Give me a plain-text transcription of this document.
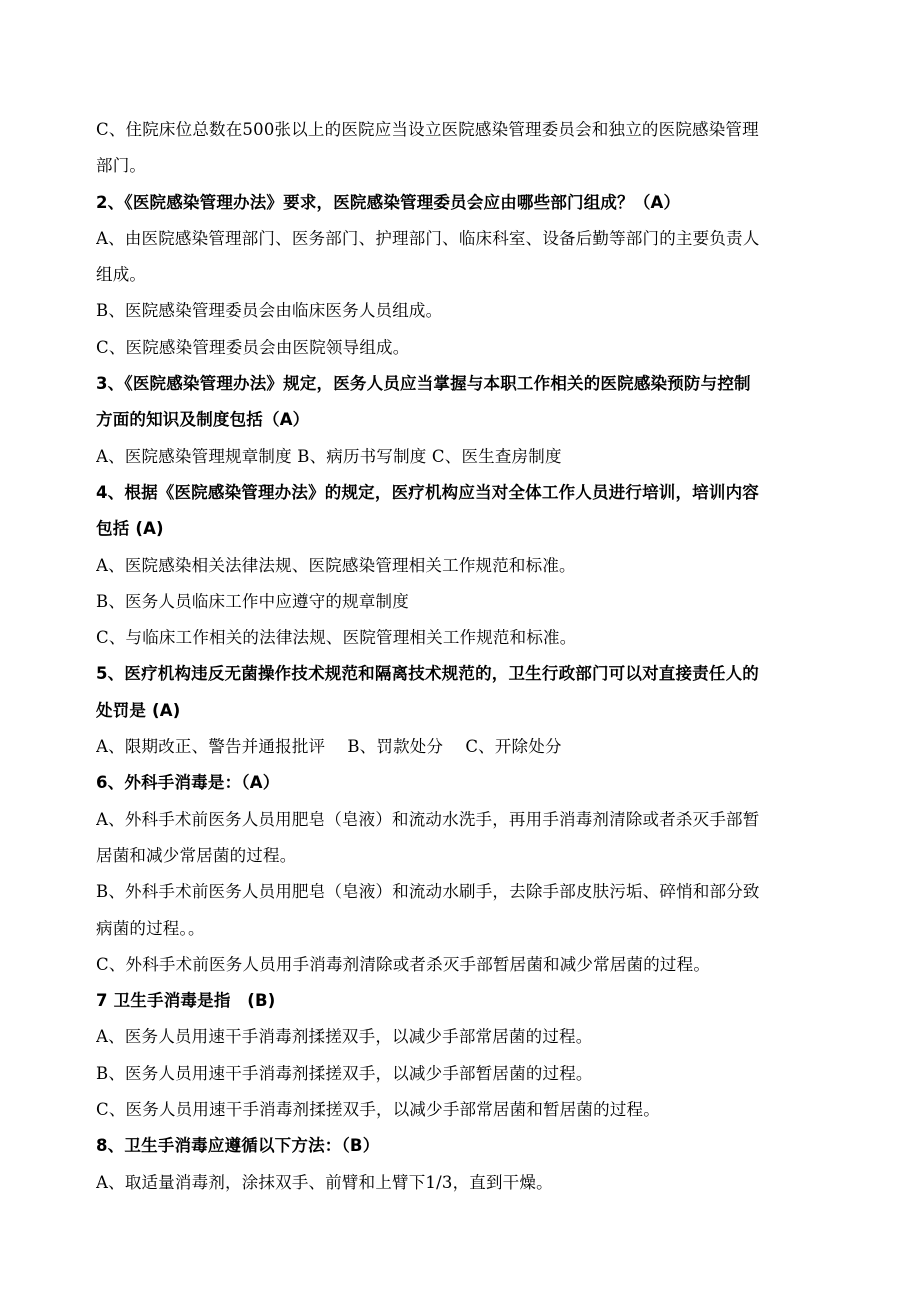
C、住院床位总数在500张以上的医院应当设立医院感染管理委员会和独立的医院感染管理
部门。
2、《医院感染管理办法》要求，医院感染管理委员会应由哪些部门组成？（A）
A、由医院感染管理部门、医务部门、护理部门、临床科室、设备后勤等部门的主要负责人
组成。
B、医院感染管理委员会由临床医务人员组成。
C、医院感染管理委员会由医院领导组成。
3、《医院感染管理办法》规定，医务人员应当掌握与本职工作相关的医院感染预防与控制
方面的知识及制度包括（A）
A、医院感染管理规章制度 B、病历书写制度 C、医生查房制度
4、根据《医院感染管理办法》的规定，医疗机构应当对全体工作人员进行培训，培训内容
包括 (A)
A、医院感染相关法律法规、医院感染管理相关工作规范和标准。
B、医务人员临床工作中应遵守的规章制度
C、与临床工作相关的法律法规、医院管理相关工作规范和标准。
5、医疗机构违反无菌操作技术规范和隔离技术规范的，卫生行政部门可以对直接责任人的
处罚是 (A)
A、限期改正、警告并通报批评　 B、罚款处分　 C、开除处分
6、外科手消毒是：（A）
A、外科手术前医务人员用肥皂（皂液）和流动水洗手，再用手消毒剂清除或者杀灭手部暂
居菌和减少常居菌的过程。
B、外科手术前医务人员用肥皂（皂液）和流动水刷手，去除手部皮肤污垢、碎悄和部分致
病菌的过程。。
C、外科手术前医务人员用手消毒剂清除或者杀灭手部暂居菌和减少常居菌的过程。
7 卫生手消毒是指　(B)
A、医务人员用速干手消毒剂揉搓双手，以减少手部常居菌的过程。
B、医务人员用速干手消毒剂揉搓双手，以减少手部暂居菌的过程。
C、医务人员用速干手消毒剂揉搓双手，以减少手部常居菌和暂居菌的过程。
8、卫生手消毒应遵循以下方法：（B）
A、取适量消毒剂，涂抹双手、前臂和上臂下1/3，直到干燥。
